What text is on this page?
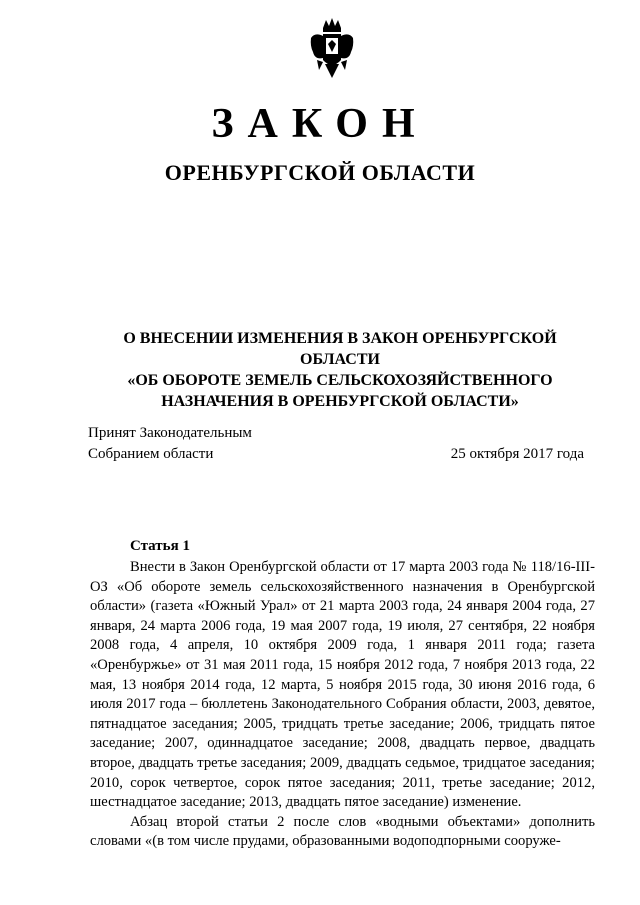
ЗАКОН
ОРЕНБУРГСКОЙ ОБЛАСТИ
О ВНЕСЕНИИ ИЗМЕНЕНИЯ В ЗАКОН ОРЕНБУРГСКОЙ ОБЛАСТИ
«ОБ ОБОРОТЕ ЗЕМЕЛЬ СЕЛЬСКОХОЗЯЙСТВЕННОГО
НАЗНАЧЕНИЯ В ОРЕНБУРГСКОЙ ОБЛАСТИ»
Принят Законодательным
Собранием области	25 октября 2017 года
Статья 1

Внести в Закон Оренбургской области от 17 марта 2003 года № 118/16-III-ОЗ «Об обороте земель сельскохозяйственного назначения в Оренбургской области» (газета «Южный Урал» от 21 марта 2003 года, 24 января 2004 года, 27 января, 24 марта 2006 года, 19 мая 2007 года, 19 июля, 27 сентября, 22 ноября 2008 года, 4 апреля, 10 октября 2009 года, 1 января 2011 года; газета «Оренбуржье» от 31 мая 2011 года, 15 ноября 2012 года, 7 ноября 2013 года, 22 мая, 13 ноября 2014 года, 12 марта, 5 ноября 2015 года, 30 июня 2016 года, 6 июля 2017 года – бюллетень Законодательного Собрания области, 2003, девятое, пятнадцатое заседания; 2005, тридцать третье заседание; 2006, тридцать пятое заседание; 2007, одиннадцатое заседание; 2008, двадцать первое, двадцать второе, двадцать третье заседания; 2009, двадцать седьмое, тридцатое заседания; 2010, сорок четвертое, сорок пятое заседания; 2011, третье заседание; 2012, шестнадцатое заседание; 2013, двадцать пятое заседание) изменение.

Абзац второй статьи 2 после слов «водными объектами» дополнить словами «(в том числе прудами, образованными водоподпорными сооруже-
